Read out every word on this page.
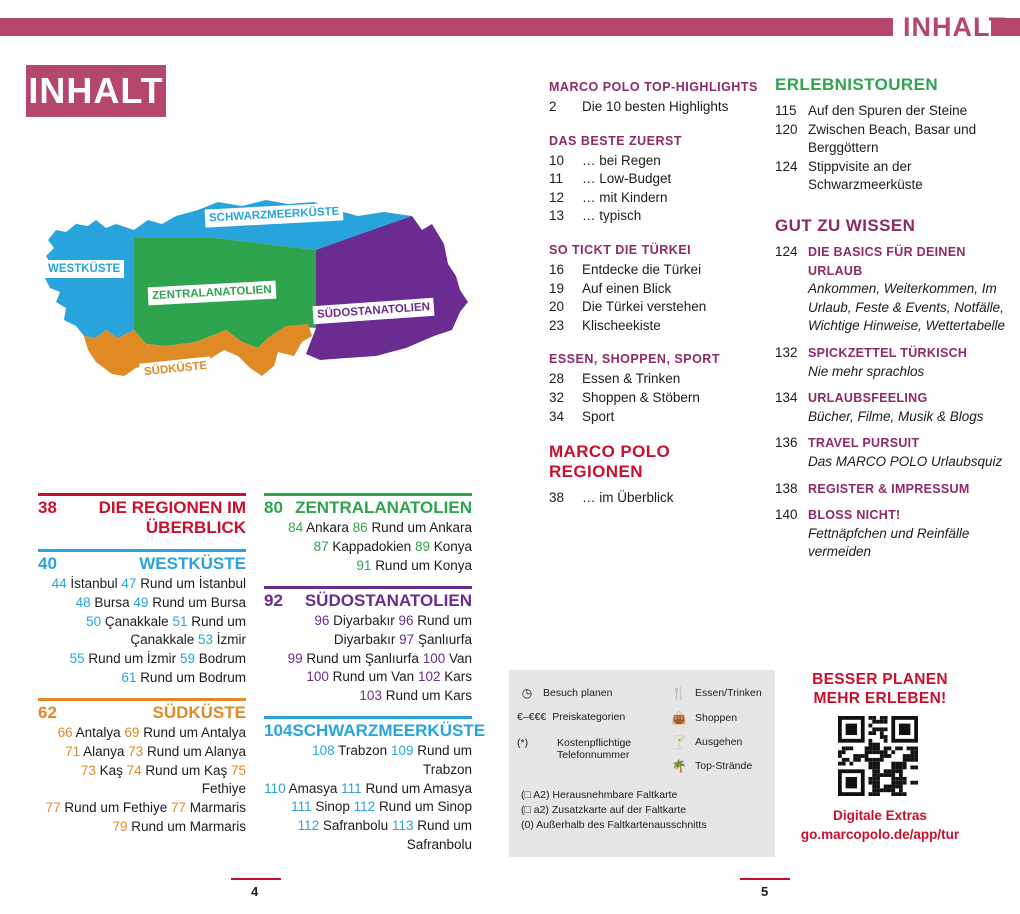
INHALT
INHALT
WESTKÜSTE
SCHWARZMEERKÜSTE
ZENTRALANATOLIEN
SÜDOSTANATOLIEN
SÜDKÜSTE
38	DIE REGIONEN IM ÜBERBLICK
40	WESTKÜSTE
44 İstanbul 47 Rund um İstanbul
48 Bursa 49 Rund um Bursa
50 Çanakkale 51 Rund um
Çanakkale 53 İzmir
55 Rund um İzmir 59 Bodrum
61 Rund um Bodrum
62	SÜDKÜSTE
66 Antalya 69 Rund um Antalya
71 Alanya 73 Rund um Alanya
73 Kaş 74 Rund um Kaş 75 Fethiye
77 Rund um Fethiye 77 Marmaris
79 Rund um Marmaris
80 ZENTRALANATOLIEN
84 Ankara 86 Rund um Ankara
87 Kappadokien 89 Konya
91 Rund um Konya
92 SÜDOSTANATOLIEN
96 Diyarbakır 96 Rund um
Diyarbakır 97 Şanlıurfa
99 Rund um Şanlıurfa 100 Van
100 Rund um Van 102 Kars
103 Rund um Kars
104 SCHWARZMEERKÜSTE
108 Trabzon 109 Rund um Trabzon
110 Amasya 111 Rund um Amasya
111 Sinop 112 Rund um Sinop
112 Safranbolu 113 Rund um
Safranbolu
MARCO POLO TOP-HIGHLIGHTS
2	Die 10 besten Highlights
DAS BESTE ZUERST
10	… bei Regen
11	… Low-Budget
12	… mit Kindern
13	… typisch
SO TICKT DIE TÜRKEI
16	Entdecke die Türkei
19	Auf einen Blick
20	Die Türkei verstehen
23	Klischeekiste
ESSEN, SHOPPEN, SPORT
28	Essen & Trinken
32	Shoppen & Stöbern
34	Sport
MARCO POLO REGIONEN
38	… im Überblick
ERLEBNISTOUREN
115 Auf den Spuren der Steine
120 Zwischen Beach, Basar und Berggöttern
124 Stippvisite an der Schwarzmeerküste
GUT ZU WISSEN
124 DIE BASICS FÜR DEINEN URLAUB
Ankommen, Weiterkommen, Im Urlaub, Feste & Events, Notfälle, Wichtige Hinweise, Wettertabelle
132 SPICKZETTEL TÜRKISCH
Nie mehr sprachlos
134 URLAUBSFEELING
Bücher, Filme, Musik & Blogs
136 TRAVEL PURSUIT
Das MARCO POLO Urlaubsquiz
138 REGISTER & IMPRESSUM
140 BLOSS NICHT!
Fettnäpfchen und Reinfälle vermeiden
◷	Besuch planen
€–€€€ Preiskategorien
(*)	Kostenpflichtige Telefonnummer
🍴 Essen/Trinken
👜 Shoppen
🍸 Ausgehen
🌴 Top-Strände
(□ A2) Herausnehmbare Faltkarte
(□ a2) Zusatzkarte auf der Faltkarte
(0) Außerhalb des Faltkartenausschnitts
BESSER PLANEN
MEHR ERLEBEN!
Digitale Extras
go.marcopolo.de/app/tur
4	5
